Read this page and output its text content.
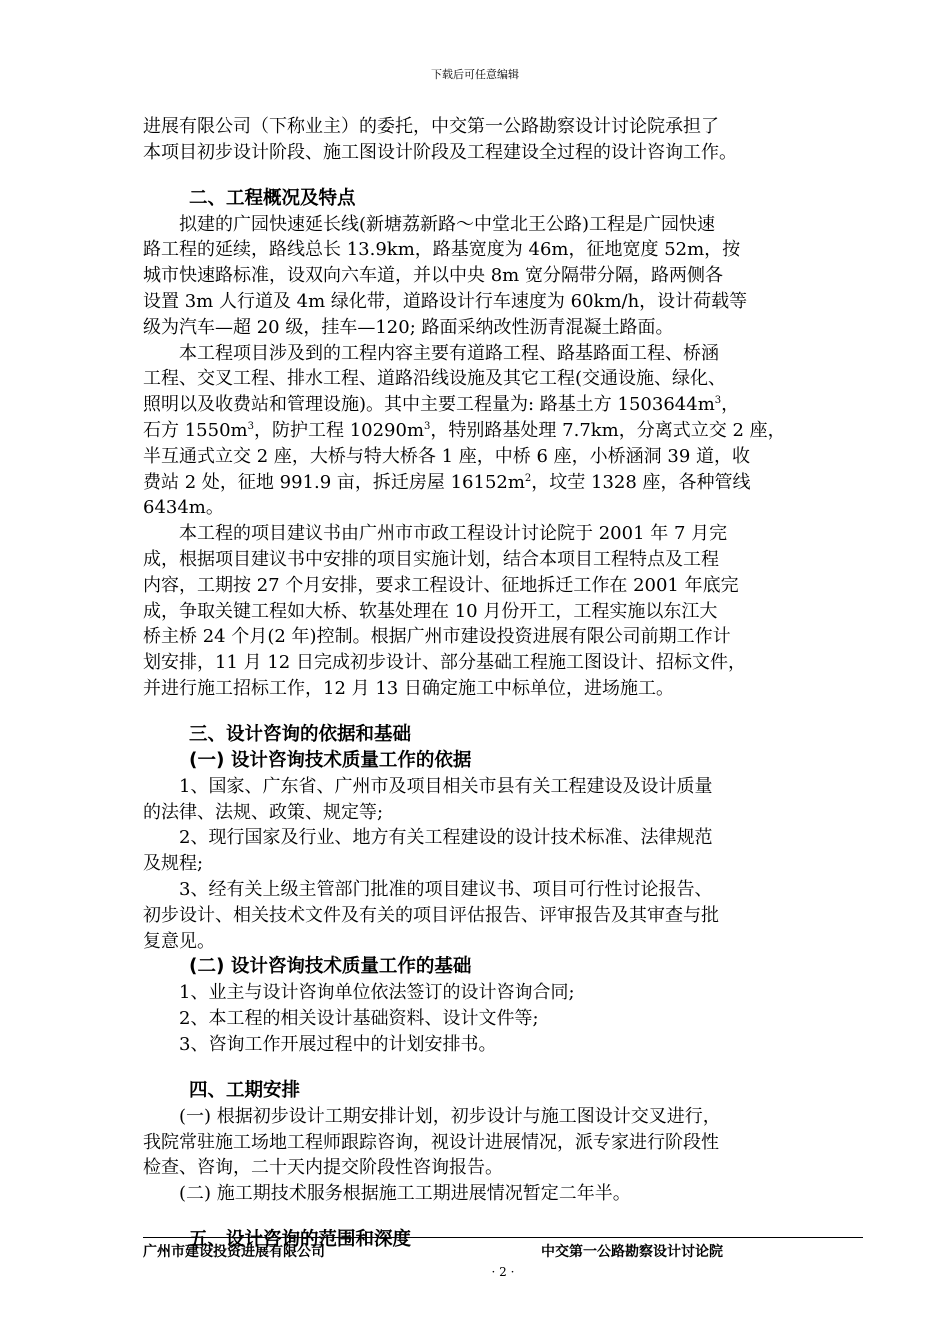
下载后可任意编辑
进展有限公司（下称业主）的委托，中交第一公路勘察设计讨论院承担了
本项目初步设计阶段、施工图设计阶段及工程建设全过程的设计咨询工作。
二、工程概况及特点
拟建的广园快速延长线(新塘荔新路～中堂北王公路)工程是广园快速
路工程的延续，路线总长 13.9km，路基宽度为 46m，征地宽度 52m，按
城市快速路标准，设双向六车道，并以中央 8m 宽分隔带分隔，路两侧各
设置 3m 人行道及 4m 绿化带，道路设计行车速度为 60km/h，设计荷载等
级为汽车—超 20 级，挂车—120; 路面采纳改性沥青混凝土路面。
本工程项目涉及到的工程内容主要有道路工程、路基路面工程、桥涵
工程、交叉工程、排水工程、道路沿线设施及其它工程(交通设施、绿化、
照明以及收费站和管理设施)。其中主要工程量为: 路基土方 $1503644m^3$，
石方 $1550m^3$，防护工程 $10290m^3$，特别路基处理 7.7km，分离式立交 2 座，
半互通式立交 2 座，大桥与特大桥各 1 座，中桥 6 座，小桥涵洞 39 道，收
费站 2 处，征地 991.9 亩，拆迁房屋 $16152m^2$，坟茔 1328 座，各种管线
6434m。
本工程的项目建议书由广州市市政工程设计讨论院于 2001 年 7 月完
成，根据项目建议书中安排的项目实施计划，结合本项目工程特点及工程
内容，工期按 27 个月安排，要求工程设计、征地拆迁工作在 2001 年底完
成，争取关键工程如大桥、软基处理在 10 月份开工，工程实施以东江大
桥主桥 24 个月(2 年)控制。根据广州市建设投资进展有限公司前期工作计
划安排，11 月 12 日完成初步设计、部分基础工程施工图设计、招标文件，
并进行施工招标工作，12 月 13 日确定施工中标单位，进场施工。
三、设计咨询的依据和基础
(一) 设计咨询技术质量工作的依据
1、国家、广东省、广州市及项目相关市县有关工程建设及设计质量
的法律、法规、政策、规定等;
2、现行国家及行业、地方有关工程建设的设计技术标准、法律规范
及规程;
3、经有关上级主管部门批准的项目建议书、项目可行性讨论报告、
初步设计、相关技术文件及有关的项目评估报告、评审报告及其审查与批
复意见。
(二) 设计咨询技术质量工作的基础
1、业主与设计咨询单位依法签订的设计咨询合同;
2、本工程的相关设计基础资料、设计文件等;
3、咨询工作开展过程中的计划安排书。
四、工期安排
(一) 根据初步设计工期安排计划，初步设计与施工图设计交叉进行，
我院常驻施工场地工程师跟踪咨询，视设计进展情况，派专家进行阶段性
检查、咨询，二十天内提交阶段性咨询报告。
(二) 施工期技术服务根据施工工期进展情况暂定二年半。
五、设计咨询的范围和深度
广州市建设投资进展有限公司	中交第一公路勘察设计讨论院
· 2 ·
